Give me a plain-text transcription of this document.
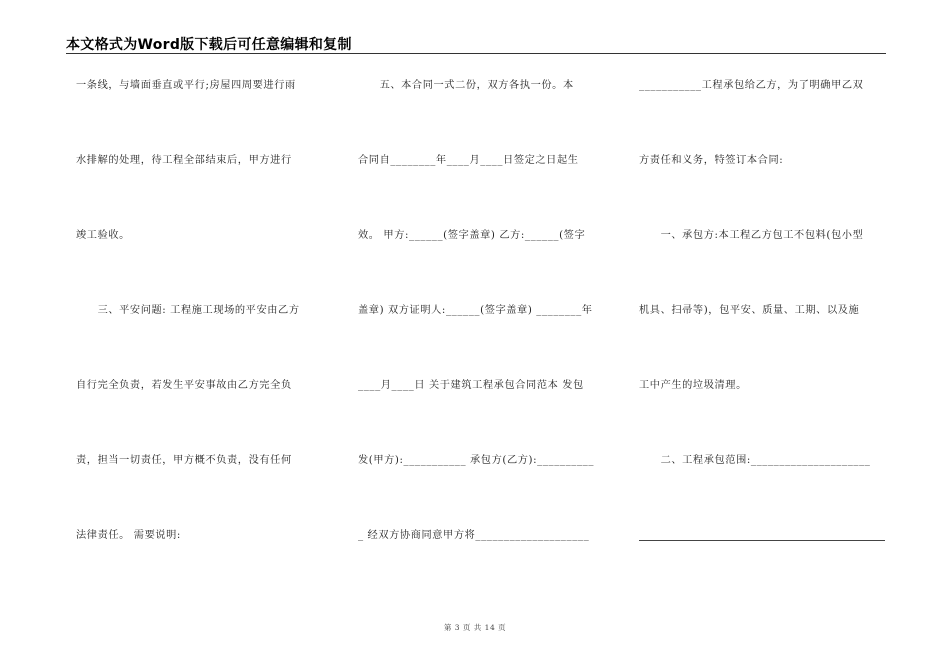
本文格式为Word版下载后可任意编辑和复制
一条线，与墙面垂直或平行;房屋四周要进行雨
水排解的处理，待工程全部结束后，甲方进行
竣工验收。
　　三、平安问题: 工程施工现场的平安由乙方
自行完全负责，若发生平安事故由乙方完全负
责，担当一切责任，甲方概不负责，没有任何
法律责任。 需要说明:
　　五、本合同一式二份，双方各执一份。本
合同自________年____月____日签定之日起生
效。 甲方:______(签字盖章) 乙方:______(签字
盖章) 双方证明人:______(签字盖章) ________年
____月____日 关于建筑工程承包合同范本 发包
发(甲方):___________ 承包方(乙方):__________
_ 经双方协商同意甲方将____________________
___________工程承包给乙方，为了明确甲乙双
方责任和义务，特签订本合同:
　　一、承包方:本工程乙方包工不包料(包小型
机具、扫帚等)，包平安、质量、工期、以及施
工中产生的垃圾清理。
　　二、工程承包范围:_____________________
第 3 页 共 14 页
